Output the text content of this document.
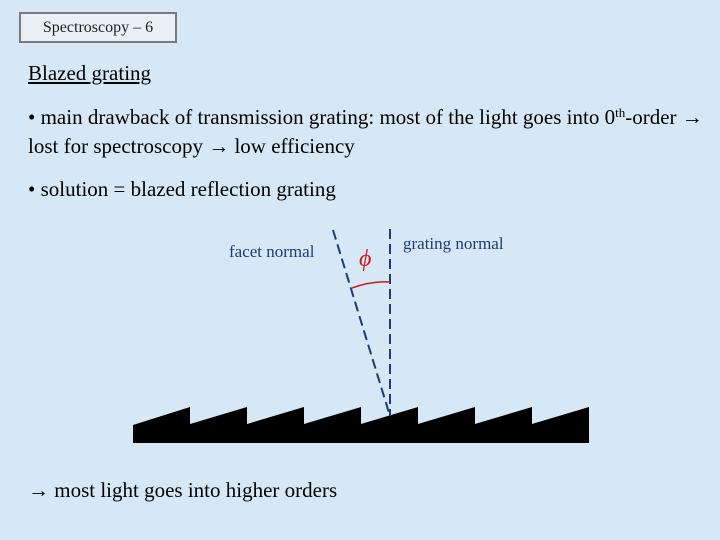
Spectroscopy – 6
Blazed grating
• main drawback of transmission grating: most of the light goes into 0th-order → lost for spectroscopy → low efficiency
• solution = blazed reflection grating
facet normal ϕ
grating normal
→ most light goes into higher orders
